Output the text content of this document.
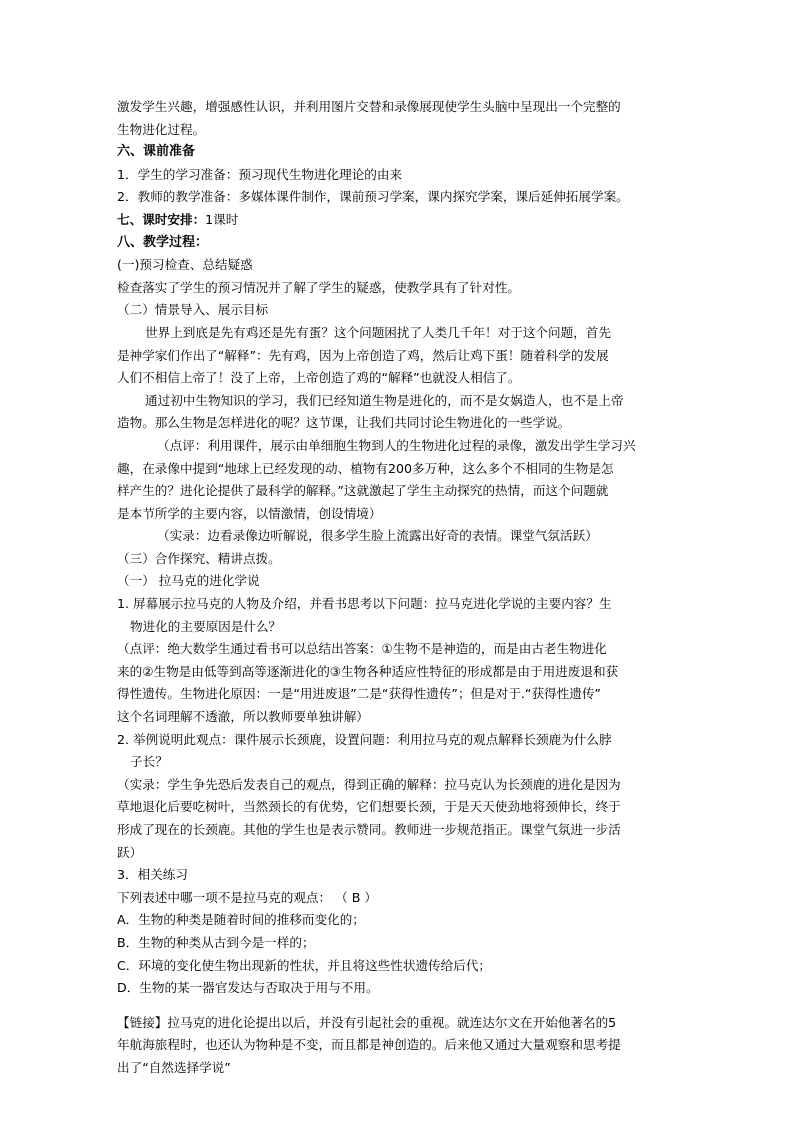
激发学生兴趣，增强感性认识，并利用图片交替和录像展现使学生头脑中呈现出一个完整的

生物进化过程。

六、课前准备

1．学生的学习准备：预习现代生物进化理论的由来

2．教师的教学准备：多媒体课件制作，课前预习学案，课内探究学案，课后延伸拓展学案。

七、课时安排：1课时

八、教学过程：

(一)预习检查、总结疑惑

检查落实了学生的预习情况并了解了学生的疑惑，使教学具有了针对性。

（二）情景导入、展示目标

世界上到底是先有鸡还是先有蛋？这个问题困扰了人类几千年！对于这个问题，首先

是神学家们作出了“解释”：先有鸡，因为上帝创造了鸡，然后让鸡下蛋！随着科学的发展

人们不相信上帝了！没了上帝，上帝创造了鸡的“解释”也就没人相信了。

通过初中生物知识的学习，我们已经知道生物是进化的，而不是女娲造人，也不是上帝

造物。那么生物是怎样进化的呢？这节课，让我们共同讨论生物进化的一些学说。

（点评：利用课件，展示由单细胞生物到人的生物进化过程的录像，激发出学生学习兴

趣，在录像中提到“地球上已经发现的动、植物有200多万种，这么多个不相同的生物是怎

样产生的？进化论提供了最科学的解释。”这就激起了学生主动探究的热情，而这个问题就

是本节所学的主要内容，以情激情，创设情境）

（实录：边看录像边听解说，很多学生脸上流露出好奇的表情。课堂气氛活跃）

（三）合作探究、精讲点拨。

（一） 拉马克的进化学说

1. 屏幕展示拉马克的人物及介绍，并看书思考以下问题：拉马克进化学说的主要内容？生

物进化的主要原因是什么？

（点评：绝大数学生通过看书可以总结出答案：①生物不是神造的，而是由古老生物进化

来的②生物是由低等到高等逐渐进化的③生物各种适应性特征的形成都是由于用进废退和获

得性遗传。生物进化原因：一是“用进废退”二是“获得性遗传”；但是对于.“获得性遗传”

这个名词理解不透澈，所以教师要单独讲解）

2. 举例说明此观点：课件展示长颈鹿，设置问题：利用拉马克的观点解释长颈鹿为什么脖

子长？

（实录：学生争先恐后发表自己的观点，得到正确的解释：拉马克认为长颈鹿的进化是因为

草地退化后要吃树叶，当然颈长的有优势，它们想要长颈，于是天天使劲地将颈伸长，终于

形成了现在的长颈鹿。其他的学生也是表示赞同。教师进一步规范指正。课堂气氛进一步活

跃）

3．相关练习

下列表述中哪一项不是拉马克的观点： （ B ）

A．生物的种类是随着时间的推移而变化的；

B．生物的种类从古到今是一样的；

C．环境的变化使生物出现新的性状，并且将这些性状遗传给后代；

D．生物的某一器官发达与否取决于用与不用。

【链接】拉马克的进化论提出以后，并没有引起社会的重视。就连达尔文在开始他著名的5

年航海旅程时，也还认为物种是不变，而且都是神创造的。后来他又通过大量观察和思考提

出了“自然选择学说”
